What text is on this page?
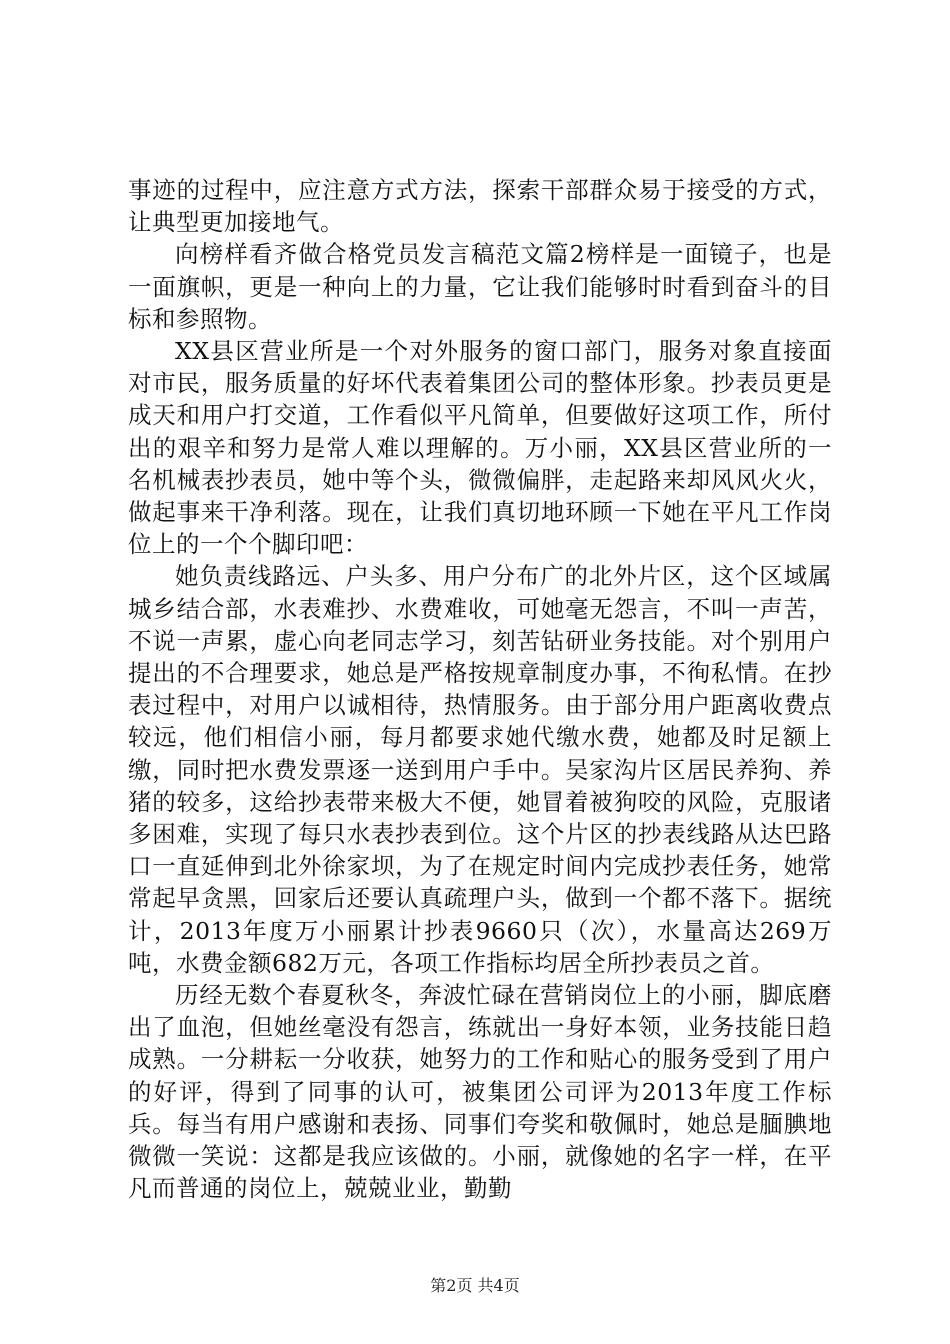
事迹的过程中，应注意方式方法，探索干部群众易于接受的方式，让典型更加接地气。

向榜样看齐做合格党员发言稿范文篇2榜样是一面镜子，也是一面旗帜，更是一种向上的力量，它让我们能够时时看到奋斗的目标和参照物。

XX县区营业所是一个对外服务的窗口部门，服务对象直接面对市民，服务质量的好坏代表着集团公司的整体形象。抄表员更是成天和用户打交道，工作看似平凡简单，但要做好这项工作，所付出的艰辛和努力是常人难以理解的。万小丽，XX县区营业所的一名机械表抄表员，她中等个头，微微偏胖，走起路来却风风火火，做起事来干净利落。现在，让我们真切地环顾一下她在平凡工作岗位上的一个个脚印吧：

她负责线路远、户头多、用户分布广的北外片区，这个区域属城乡结合部，水表难抄、水费难收，可她毫无怨言，不叫一声苦，不说一声累，虚心向老同志学习，刻苦钻研业务技能。对个别用户提出的不合理要求，她总是严格按规章制度办事，不徇私情。在抄表过程中，对用户以诚相待，热情服务。由于部分用户距离收费点较远，他们相信小丽，每月都要求她代缴水费，她都及时足额上缴，同时把水费发票逐一送到用户手中。吴家沟片区居民养狗、养猪的较多，这给抄表带来极大不便，她冒着被狗咬的风险，克服诸多困难，实现了每只水表抄表到位。这个片区的抄表线路从达巴路口一直延伸到北外徐家坝，为了在规定时间内完成抄表任务，她常常起早贪黑，回家后还要认真疏理户头，做到一个都不落下。据统计，2013年度万小丽累计抄表9660只（次），水量高达269万吨，水费金额682万元，各项工作指标均居全所抄表员之首。

历经无数个春夏秋冬，奔波忙碌在营销岗位上的小丽，脚底磨出了血泡，但她丝毫没有怨言，练就出一身好本领，业务技能日趋成熟。一分耕耘一分收获，她努力的工作和贴心的服务受到了用户的好评，得到了同事的认可，被集团公司评为2013年度工作标兵。每当有用户感谢和表扬、同事们夸奖和敬佩时，她总是腼腆地微微一笑说：这都是我应该做的。小丽，就像她的名字一样，在平凡而普通的岗位上，兢兢业业，勤勤

第2页 共4页
